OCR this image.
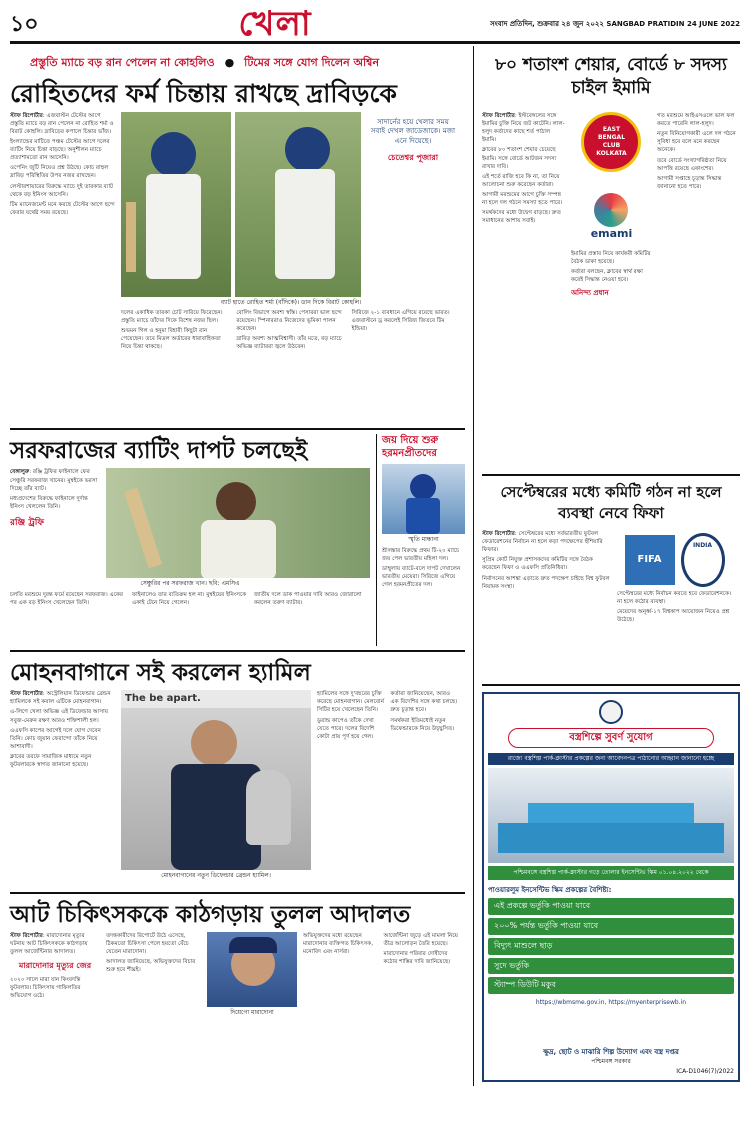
১০	খেলা	সংবাদ প্রতিদিন, শুক্রবার ২৪ জুন ২০২২ SANGBAD PRATIDIN 24 JUNE 2022
প্রস্তুতি ম্যাচে বড় রান পেলেন না কোহলিও ● টিমের সঙ্গে যোগ দিলেন অশ্বিন
রোহিতদের ফর্ম চিন্তায় রাখছে দ্রাবিড়কে

স্টাফ রিপোর্টার: এজবাস্টন টেস্টের আগে প্রস্তুতি ম্যাচে বড় রান পেলেন না রোহিত শর্মা ও বিরাট কোহলি। দ্রাবিড়ের কপালে চিন্তার ভাঁজ।

ইংল্যান্ডের মাটিতে পঞ্চম টেস্টের আগে দলের ব্যাটিং নিয়ে চিন্তা বাড়ছে। অনুশীলন ম্যাচে প্রত্যাশামতো রান আসেনি।

ওপেনিং জুটি নিয়েও প্রশ্ন উঠছে। কোচ রাহুল দ্রাবিড় পরিস্থিতির উপর নজর রাখছেন।

লেস্টারশায়ারের বিরুদ্ধে ম্যাচে দুই তারকার ব্যাট থেকে বড় ইনিংস আসেনি।

টিম ম্যানেজমেন্ট মনে করছে টেস্টের আগে ছন্দে ফেরার যথেষ্ট সময় রয়েছে।

সাদার্নের হয়ে খেলার সময় সবাই দেখল জাডেজাকে। মজা এনে দিয়েছে।
চেতেশ্বর পূজারা
ব্যাট হাতে রোহিত শর্মা (বাঁদিকে)। ডান দিকে বিরাট কোহলি।

দলের একাধিক তারকা চোট সারিয়ে ফিরেছেন। প্রস্তুতি ম্যাচে তাঁদের দিকে বিশেষ নজর ছিল।

শুভমন গিল ও হনুমা বিহারী কিছুটা রান পেয়েছেন। তবে মিডল অর্ডারের ধারাবাহিকতা নিয়ে চিন্তা থাকছে।

বোলিং বিভাগে অবশ্য স্বস্তি। পেসাররা ভাল ছন্দে রয়েছেন। স্পিনাররাও নিজেদের ভূমিকা পালন করেছেন।

দ্রাবিড় অবশ্য আত্মবিশ্বাসী। তাঁর মতে, বড় ম্যাচে অভিজ্ঞ ব্যাটাররা জ্বলে উঠবেন।

সিরিজে ২-১ ব্যবধানে এগিয়ে রয়েছে ভারত। এজবাস্টনে ড্র করলেই সিরিজ জিতবে টিম ইন্ডিয়া।

সরফরাজের ব্যাটিং দাপট চলছেই

বেঙ্গালুরু: রঞ্জি ট্রফির ফাইনালে ফের সেঞ্চুরি সরফরাজ খানের। মুম্বইকে ভরসা দিচ্ছে তাঁর ব্যাট।

মধ্যপ্রদেশের বিরুদ্ধে ফাইনালে দুর্দান্ত ইনিংস খেললেন তিনি।

রঞ্জি ট্রফি
সেঞ্চুরির পর সরফরাজ খান। ছবি: এমসিএ

চলতি মরশুমে দুরন্ত ফর্মে রয়েছেন সরফরাজ। একের পর এক বড় ইনিংস খেলেছেন তিনি।

ফাইনালেও তার ব্যতিক্রম হল না। মুম্বইয়ের ইনিংসকে একাই টেনে নিয়ে গেলেন।

জাতীয় দলে ডাক পাওয়ার দাবি আরও জোরালো করলেন তরুণ ব্যাটার।

জয় দিয়ে শুরু হরমনপ্রীতদের
স্মৃতি মান্ধানা

শ্রীলঙ্কার বিরুদ্ধে প্রথম টি-২০ ম্যাচে জয় পেল ভারতীয় মহিলা দল।

ডাম্বুলায় ব্যাটে-বলে দাপট দেখালেন ভারতীয় মেয়েরা। সিরিজে এগিয়ে গেল হরমনপ্রীতের দল।

মোহনবাগানে সই করলেন হ্যামিল

স্টাফ রিপোর্টার: অস্ট্রেলিয়ান ডিফেন্ডার ব্রেন্ডন হ্যামিলকে সই করাল এটিকে মোহনবাগান।

এ-লিগে খেলা অভিজ্ঞ এই ডিফেন্ডার আসায় সবুজ-মেরুন রক্ষণ আরও শক্তিশালী হল।

এএফসি কাপের আগেই দলে যোগ দেবেন তিনি। কোচ জুয়ান ফেরান্দো তাঁকে নিয়ে আশাবাদী।

ক্লাবের তরফে সামাজিক মাধ্যমে নতুন ফুটবলারকে স্বাগত জানানো হয়েছে।

The be apart.
মোহনবাগানের নতুন ডিফেন্ডার ব্রেন্ডন হ্যামিল।

হ্যামিলের সঙ্গে দু'বছরের চুক্তি করেছে মোহনবাগান। মেলবোর্ন সিটির হয়ে খেলেছেন তিনি।

ডুরান্ড কাপেও তাঁকে দেখা যেতে পারে। দলের বিদেশি কোটা প্রায় পূর্ণ হয়ে গেল।

কর্তারা জানিয়েছেন, আরও এক বিদেশির সঙ্গে কথা চলছে। দ্রুত চূড়ান্ত হবে।

সমর্থকরা ইতিমধ্যেই নতুন ডিফেন্ডারকে নিয়ে উচ্ছ্বসিত।

আট চিকিৎসককে কাঠগড়ায় তুলল আদালত

স্টাফ রিপোর্টার: মারাদোনার মৃত্যুর ঘটনায় আট চিকিৎসককে কাঠগড়ায় তুলল আর্জেন্টিনার আদালত।

মারাদোনার মৃত্যুর জের

২০২০ সালে মারা যান কিংবদন্তি ফুটবলার। চিকিৎসায় গাফিলতির অভিযোগ ওঠে।

তদন্তকারীদের রিপোর্টে উঠে এসেছে, ঠিকমতো চিকিৎসা পেলে হয়তো বেঁচে যেতেন মারাদোনা।

আদালত জানিয়েছে, অভিযুক্তদের বিচার শুরু হবে শীঘ্রই।

দিয়েগো মারাদোনা

অভিযুক্তদের মধ্যে রয়েছেন মারাদোনার ব্যক্তিগত চিকিৎসক, মনোবিদ এবং নার্সরা।

আর্জেন্টিনা জুড়ে এই মামলা নিয়ে তীব্র আলোড়ন তৈরি হয়েছে।

মারাদোনার পরিবার দোষীদের কঠোর শাস্তির দাবি জানিয়েছে।

৮০ শতাংশ শেয়ার, বোর্ডে ৮ সদস্য চাইল ইমামি

স্টাফ রিপোর্টার: ইস্টবেঙ্গলের সঙ্গে ইমামির চুক্তি নিয়ে জট কাটেনি। লাল-হলুদ কর্তাদের কাছে শর্ত পাঠাল ইমামি।

ক্লাবের ৮০ শতাংশ শেয়ার চেয়েছে ইমামি। সঙ্গে বোর্ডে আটজন সদস্য রাখার দাবি।

এই শর্তে রাজি হবে কি না, তা নিয়ে আলোচনা শুরু করেছেন কর্তারা।

আগামী মরশুমের আগে চুক্তি সম্পন্ন না হলে দল গঠনে সমস্যা হতে পারে।

সমর্থকদের মধ্যে উদ্বেগ বাড়ছে। দ্রুত সমাধানের আশায় সবাই।

EAST BENGAL CLUB KOLKATA
emami

ইমামির প্রস্তাব নিয়ে কার্যকরী কমিটির বৈঠক ডাকা হয়েছে।

কর্তারা বলছেন, ক্লাবের স্বার্থ রক্ষা করেই সিদ্ধান্ত নেওয়া হবে।

অনিন্দ্য প্রধান

গত মরশুমে আইএসএলে ভাল ফল করতে পারেনি লাল-হলুদ।

নতুন বিনিয়োগকারী এলে দল গঠনে সুবিধা হবে বলে মনে করছেন অনেকে।

তবে বোর্ডে সংখ্যাগরিষ্ঠতা নিয়ে আপত্তি রয়েছে একাংশের।

আগামী সপ্তাহে চূড়ান্ত সিদ্ধান্ত জানানো হতে পারে।

সেপ্টেম্বরের মধ্যে কমিটি গঠন না হলে ব্যবস্থা নেবে ফিফা

স্টাফ রিপোর্টার: সেপ্টেম্বরের মধ্যে সর্বভারতীয় ফুটবল ফেডারেশনের নির্বাচন না হলে কড়া পদক্ষেপের হুঁশিয়ারি ফিফার।

সুপ্রিম কোর্ট নিযুক্ত প্রশাসকদের কমিটির সঙ্গে বৈঠক করেছেন ফিফা ও এএফসি প্রতিনিধিরা।

নির্বাসনের আশঙ্কা এড়াতে দ্রুত পদক্ষেপ চাইছে বিশ্ব ফুটবল নিয়ামক সংস্থা।

FIFA
INDIA

সেপ্টেম্বরের মধ্যে নির্বাচন করতে হবে ফেডারেশনকে। না হলে কঠোর ব্যবস্থা।

মেয়েদের অনূর্ধ্ব-১৭ বিশ্বকাপ আয়োজন নিয়েও প্রশ্ন উঠেছে।

বস্ত্রশিল্পে সুবর্ণ সুযোগ
রাজ্যে বস্ত্রশিল্প পার্ক-ক্লাস্টার প্রকল্পের জন্য আবেদনপত্র পাঠানোর আহ্বান জানানো হচ্ছে
পশ্চিমবঙ্গে বস্ত্রশিল্প পার্ক-ক্লাস্টার গড়ে তোলার ইনসেন্টিভ স্কিম ০১.০৪.২০২২ থেকে
পাওয়ারলুম ইনসেন্টিভ স্কিম প্রকল্পের বৈশিষ্ট্য:
এই প্রকল্পে ভর্তুকি পাওয়া যাবে
২০০% পর্যন্ত ভর্তুকি পাওয়া যাবে
বিদ্যুৎ মাশুলে ছাড়
সুদে ভর্তুকি
স্ট্যাম্প ডিউটি মকুব
https://wbmsme.gov.in, https://myenterprisewb.in
ক্ষুদ্র, ছোট ও মাঝারি শিল্প উদ্যোগ এবং বস্ত্র দপ্তর
পশ্চিমবঙ্গ সরকার
ICA-D1046(7)/2022
